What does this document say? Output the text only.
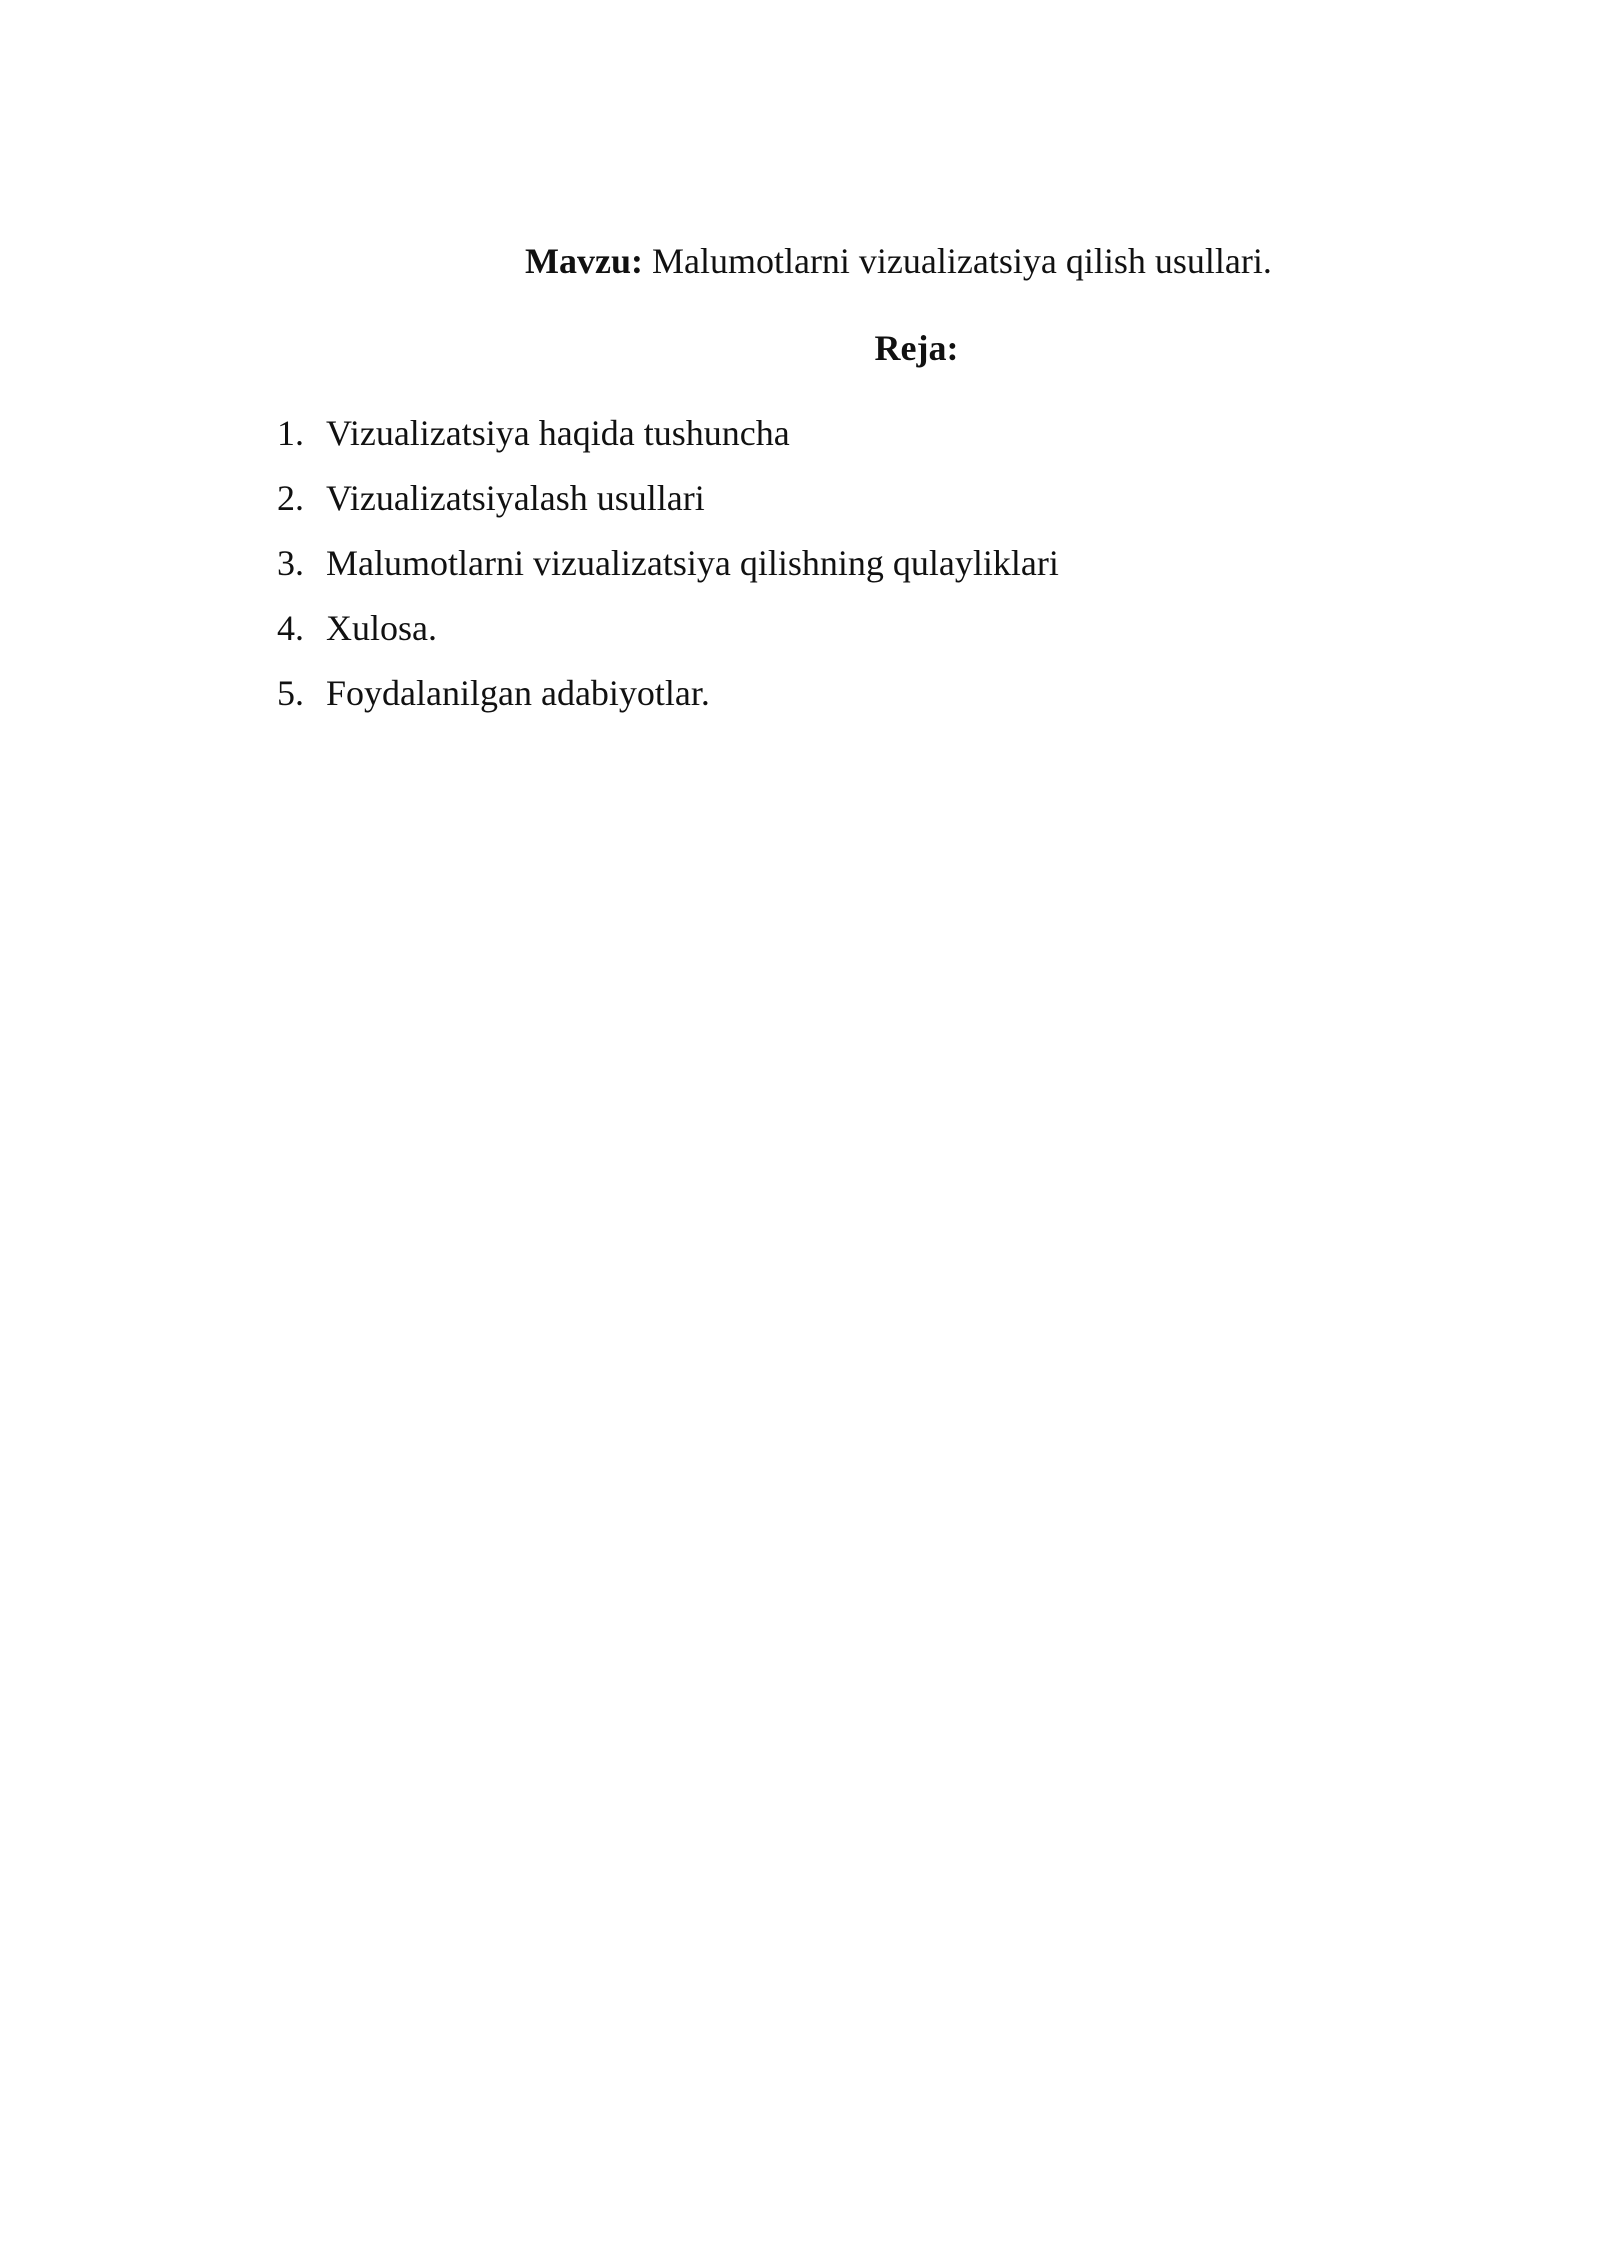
Mavzu: Malumotlarni vizualizatsiya qilish usullari.
Reja:
1. Vizualizatsiya haqida tushuncha
2. Vizualizatsiyalash usullari
3. Malumotlarni vizualizatsiya qilishning qulayliklari
4. Xulosa.
5. Foydalanilgan adabiyotlar.
